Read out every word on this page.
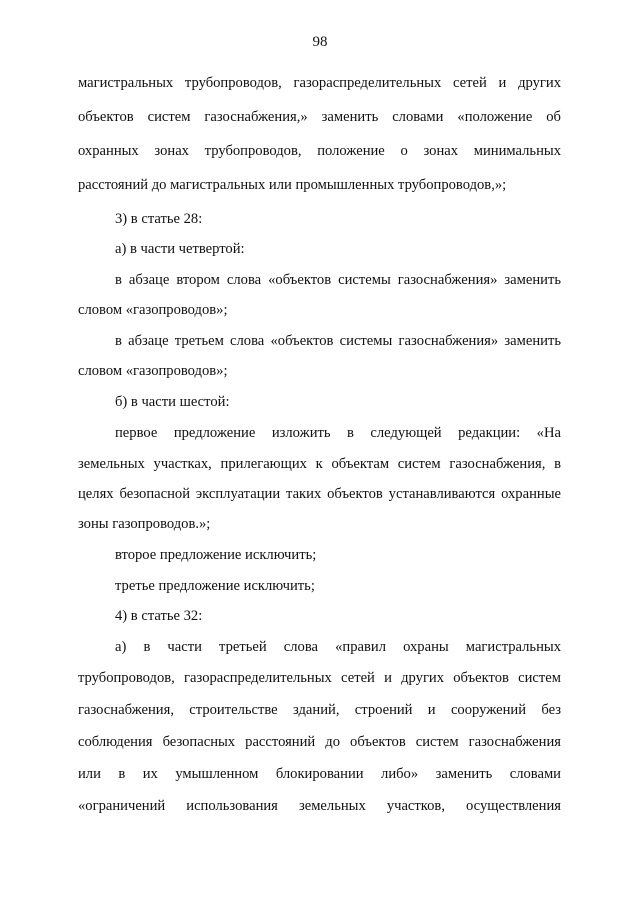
98
магистральных трубопроводов, газораспределительных сетей и других
объектов систем газоснабжения,» заменить словами «положение об
охранных зонах трубопроводов, положение о зонах минимальных
расстояний до магистральных или промышленных трубопроводов,»;
3) в статье 28:
а) в части четвертой:
в абзаце втором слова «объектов системы газоснабжения» заменить
словом «газопроводов»;
в абзаце третьем слова «объектов системы газоснабжения» заменить
словом «газопроводов»;
б) в части шестой:
первое предложение изложить в следующей редакции: «На
земельных участках, прилегающих к объектам систем газоснабжения, в
целях безопасной эксплуатации таких объектов устанавливаются охранные
зоны газопроводов.»;
второе предложение исключить;
третье предложение исключить;
4) в статье 32:
а) в части третьей слова «правил охраны магистральных
трубопроводов, газораспределительных сетей и других объектов систем
газоснабжения, строительстве зданий, строений и сооружений без
соблюдения безопасных расстояний до объектов систем газоснабжения
или в их умышленном блокировании либо» заменить словами
«ограничений использования земельных участков, осуществления
